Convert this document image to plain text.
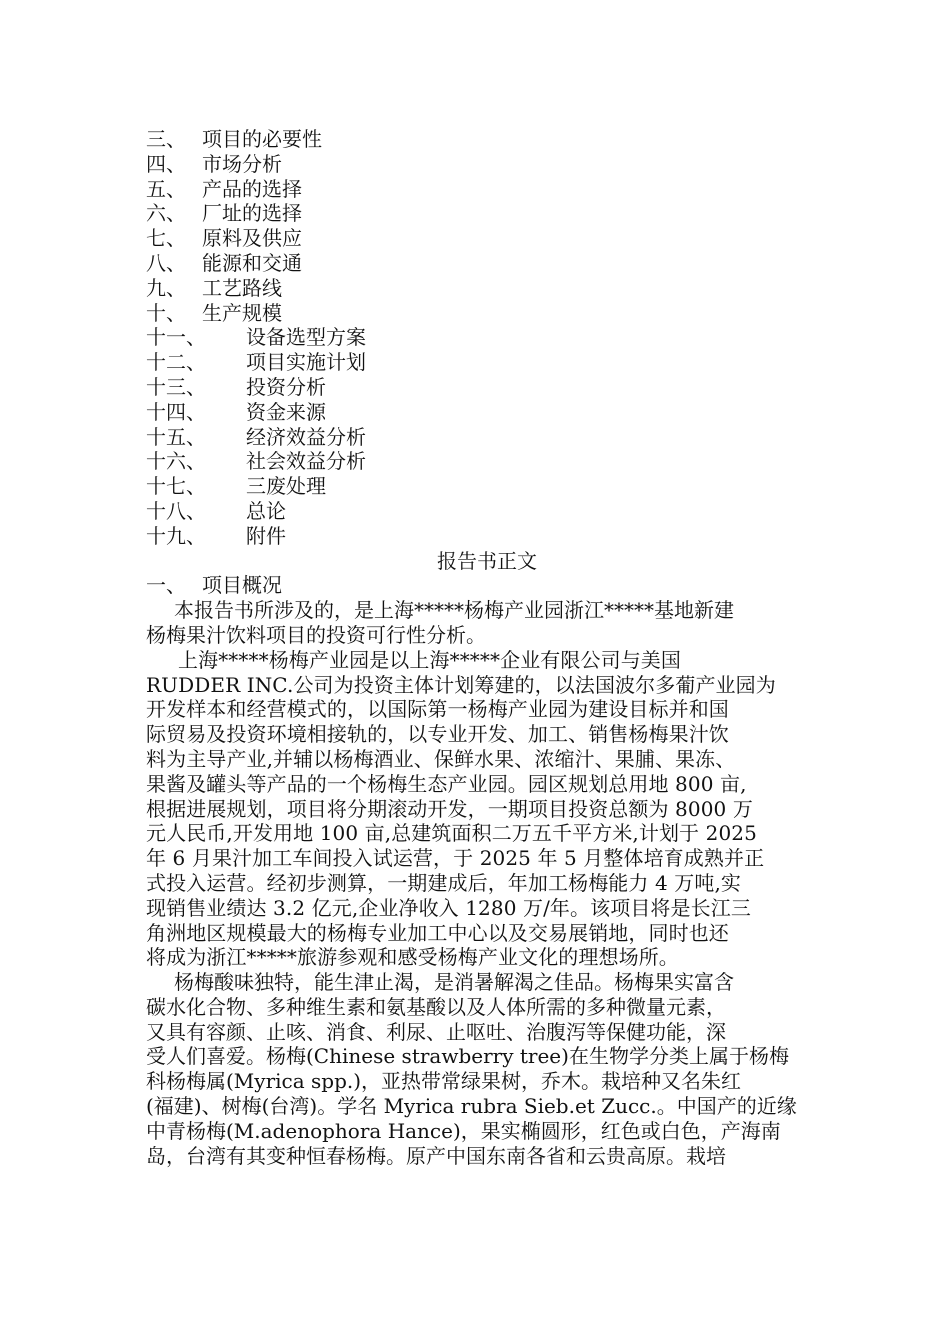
三、 项目的必要性
四、 市场分析
五、 产品的选择
六、 厂址的选择
七、 原料及供应
八、 能源和交通
九、 工艺路线
十、 生产规模
十一、	设备选型方案
十二、	项目实施计划
十三、	投资分析
十四、	资金来源
十五、	经济效益分析
十六、	社会效益分析
十七、	三废处理
十八、	总论
十九、	附件
报告书正文
一、 项目概况

本报告书所涉及的，是上海*****杨梅产业园浙江*****基地新建
杨梅果汁饮料项目的投资可行性分析。

上海*****杨梅产业园是以上海*****企业有限公司与美国
RUDDER INC.公司为投资主体计划筹建的，以法国波尔多葡产业园为
开发样本和经营模式的，以国际第一杨梅产业园为建设目标并和国
际贸易及投资环境相接轨的，以专业开发、加工、销售杨梅果汁饮
料为主导产业,并辅以杨梅酒业、保鲜水果、浓缩汁、果脯、果冻、
果酱及罐头等产品的一个杨梅生态产业园。园区规划总用地 800 亩,
根据进展规划，项目将分期滚动开发，一期项目投资总额为 8000 万
元人民币,开发用地 100 亩,总建筑面积二万五千平方米,计划于 2025
年 6 月果汁加工车间投入试运营，于 2025 年 5 月整体培育成熟并正
式投入运营。经初步测算，一期建成后，年加工杨梅能力 4 万吨,实
现销售业绩达 3.2 亿元,企业净收入 1280 万/年。该项目将是长江三
角洲地区规模最大的杨梅专业加工中心以及交易展销地，同时也还
将成为浙江*****旅游参观和感受杨梅产业文化的理想场所。

杨梅酸味独特，能生津止渴，是消暑解渴之佳品。杨梅果实富含
碳水化合物、多种维生素和氨基酸以及人体所需的多种微量元素，
又具有容颜、止咳、消食、利尿、止呕吐、治腹泻等保健功能，深
受人们喜爱。杨梅(Chinese strawberry tree)在生物学分类上属于杨梅
科杨梅属(Myrica spp.)，亚热带常绿果树，乔木。栽培种又名朱红
(福建)、树梅(台湾)。学名 Myrica rubra Sieb.et Zucc.。中国产的近缘
中青杨梅(M.adenophora Hance)，果实椭圆形，红色或白色，产海南
岛，台湾有其变种恒春杨梅。原产中国东南各省和云贵高原。栽培
